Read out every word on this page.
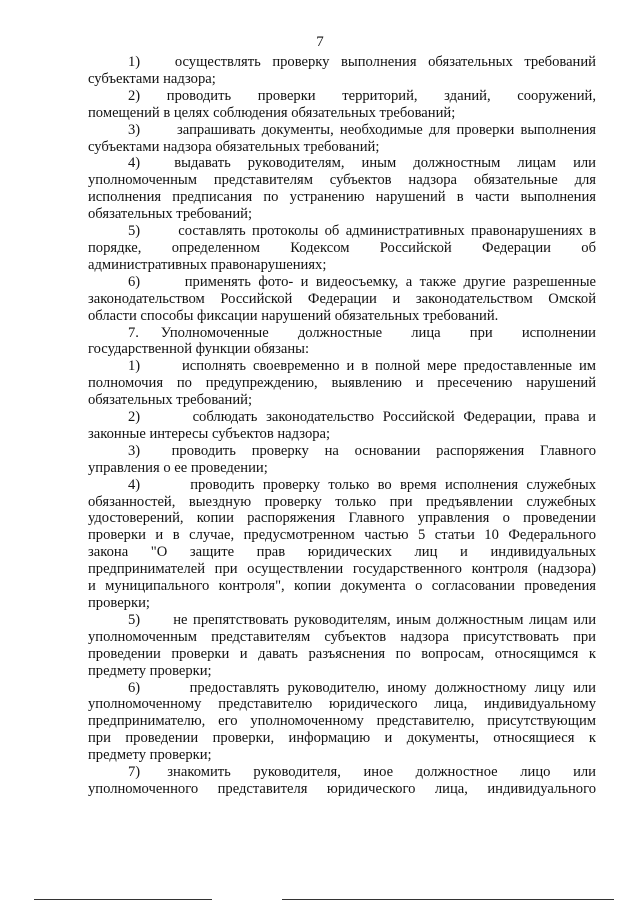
7
1)      осуществлять  проверку  выполнения  обязательных  требований
субъектами надзора;
2)      проводить      проверки      территорий,      зданий,      сооружений,
помещений в целях соблюдения обязательных требований;
3)      запрашивать документы, необходимые для проверки выполнения
субъектами надзора обязательных требований;
4)      выдавать   руководителям,   иным   должностным   лицам   или
уполномоченным  представителям  субъектов  надзора  обязательные  для
исполнения предписания по устранению нарушений в части выполнения
обязательных требований;
5)      составлять протоколы об административных правонарушениях в
порядке,      определенном      Кодексом      Российской      Федерации      об
административных правонарушениях;
6)      применять фото- и видеосъемку, а также другие разрешенные
законодательством Российской Федерации и законодательством Омской
области способы фиксации нарушений обязательных требований.
7.      Уполномоченные        должностные        лица        при        исполнении
государственной функции обязаны:
1)      исполнять своевременно и в полной мере предоставленные им
полномочия  по  предупреждению,  выявлению  и  пресечению  нарушений
обязательных требований;
2)      соблюдать законодательство Российской Федерации, права и
законные интересы субъектов надзора;
3)      проводить   проверку   на   основании   распоряжения   Главного
управления о ее проведении;
4)      проводить проверку только во время исполнения служебных
обязанностей, выездную проверку только при предъявлении служебных
удостоверений, копии распоряжения Главного управления о проведении
проверки и в случае, предусмотренном частью 5 статьи 10 Федерального
закона    "О    защите    прав    юридических    лиц    и    индивидуальных
предпринимателей при осуществлении государственного контроля (надзора)
и муниципального контроля", копии документа о согласовании проведения
проверки;
5)      не препятствовать руководителям, иным должностным лицам или
уполномоченным  представителям  субъектов  надзора  присутствовать  при
проведении проверки и давать разъяснения по вопросам, относящимся к
предмету проверки;
6)      предоставлять руководителю, иному должностному лицу или
уполномоченному  представителю  юридического  лица,  индивидуальному
предпринимателю, его уполномоченному представителю, присутствующим
при  проведении  проверки,  информацию  и  документы,  относящиеся  к
предмету проверки;
7)      знакомить     руководителя,     иное     должностное     лицо     или
уполномоченного   представителя   юридического   лица,   индивидуального
